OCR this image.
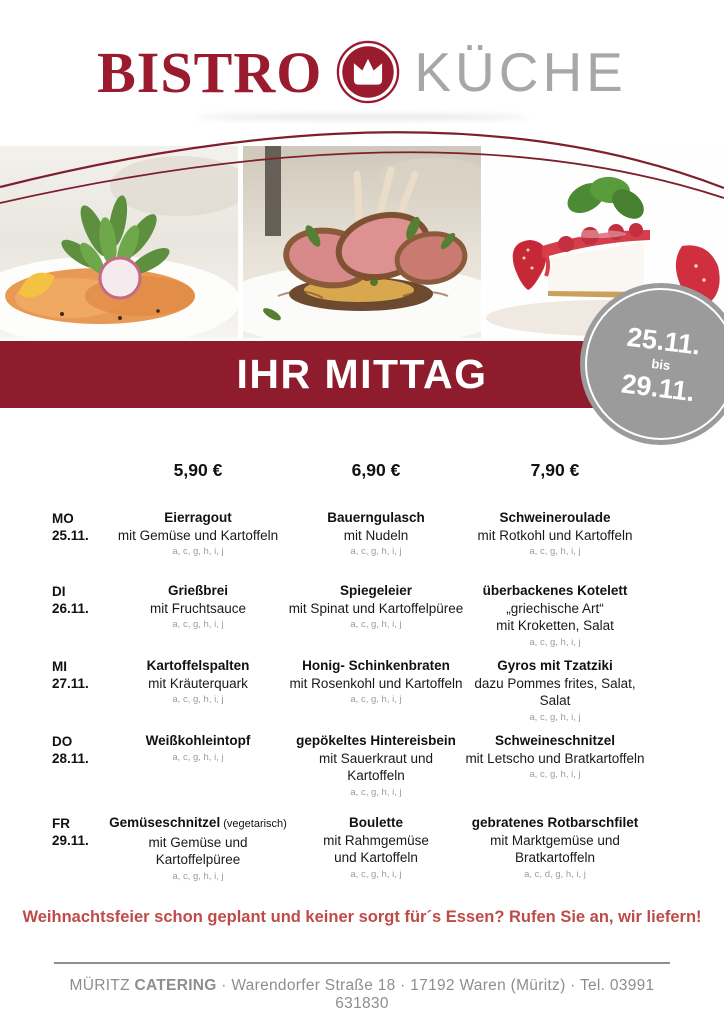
BISTRO KÜCHE
IHR MITTAG
25.11.
bis
29.11.
5,90 €	6,90 €	7,90 €
MO
25.11.
Eierragout
mit Gemüse und Kartoffeln
a, c, g, h, i, j
Bauerngulasch
mit Nudeln
a, c, g, h, i, j
Schweineroulade
mit Rotkohl und Kartoffeln
a, c, g, h, i, j
DI
26.11.
Grießbrei
mit Fruchtsauce
a, c, g, h, i, j
Spiegeleier
mit Spinat und Kartoffelpüree
a, c, g, h, i, j
überbackenes Kotelett
„griechische Art“
mit Kroketten, Salat
a, c, g, h, i, j
MI
27.11.
Kartoffelspalten
mit Kräuterquark
a, c, g, h, i, j
Honig- Schinkenbraten
mit Rosenkohl und Kartoffeln
a, c, g, h, i, j
Gyros mit Tzatziki
dazu Pommes frites, Salat,
Salat
a, c, g, h, i, j
DO
28.11.
Weißkohleintopf
a, c, g, h, i, j
gepökeltes Hintereisbein
mit Sauerkraut und
Kartoffeln
a, c, g, h, i, j
Schweineschnitzel
mit Letscho und Bratkartoffeln
a, c, g, h, i, j
FR
29.11.
Gemüseschnitzel (vegetarisch)
mit Gemüse und
Kartoffelpüree
a, c, g, h, i, j
Boulette
mit Rahmgemüse
und Kartoffeln
a, c, g, h, i, j
gebratenes Rotbarschfilet
mit Marktgemüse und
Bratkartoffeln
a, c, d, g, h, i, j
Weihnachtsfeier schon geplant und keiner sorgt für´s Essen? Rufen Sie an, wir liefern!

MÜRITZ CATERING · Warendorfer Straße 18 · 17192 Waren (Müritz) · Tel. 03991 631830
